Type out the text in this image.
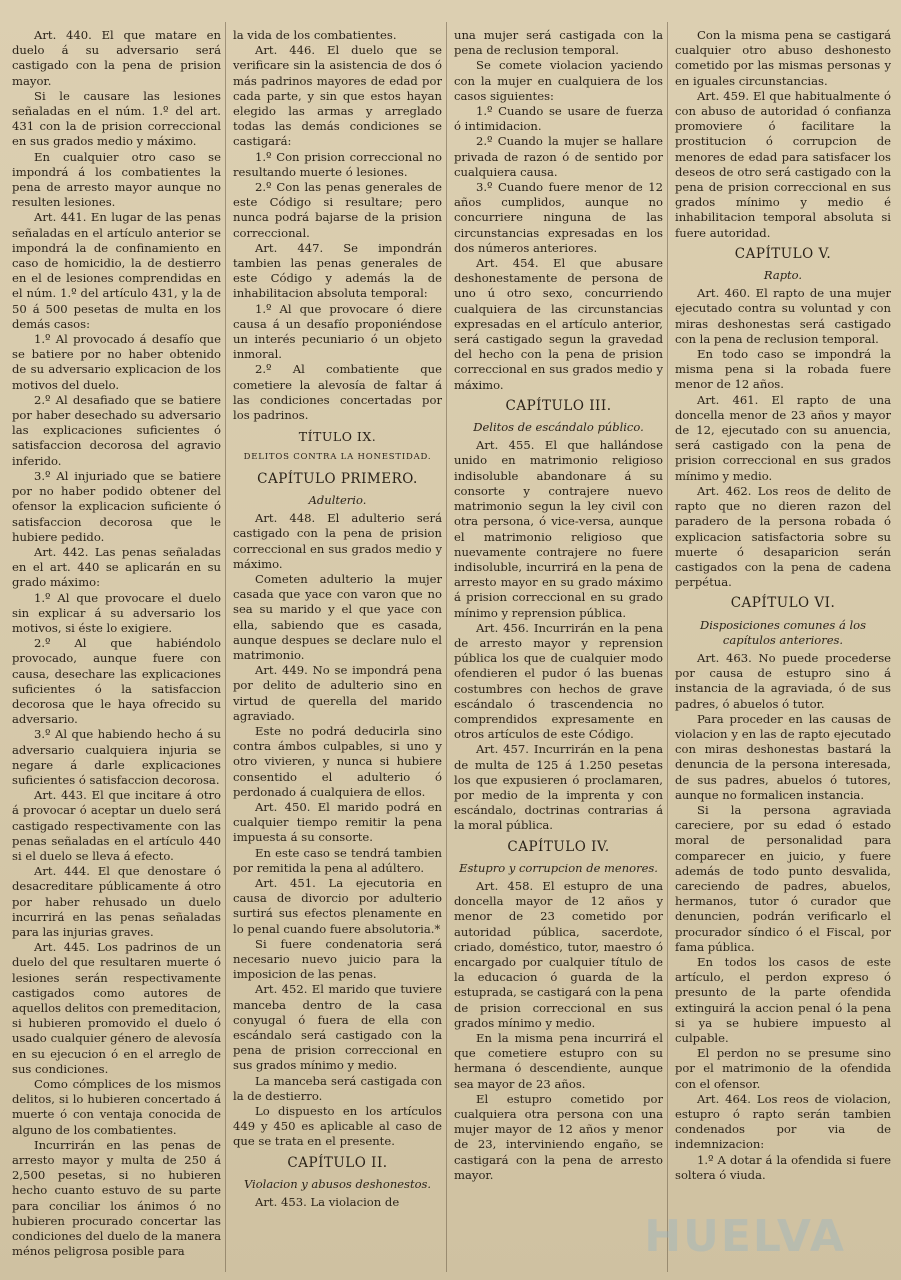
Art. 440. El que matare en duelo á su adversario será castigado con la pena de prision mayor.

Si le causare las lesiones señaladas en el núm. 1.º del art. 431 con la de prision correccional en sus grados medio y máximo.

En cualquier otro caso se impondrá á los combatientes la pena de arresto mayor aunque no resulten lesiones.

Art. 441. En lugar de las penas señaladas en el artículo anterior se impondrá la de confinamiento en caso de homicidio, la de destierro en el de lesiones comprendidas en el núm. 1.º del artículo 431, y la de 50 á 500 pesetas de multa en los demás casos:

1.º Al provocado á desafío que se batiere por no haber obtenido de su adversario explicacion de los motivos del duelo.

2.º Al desafiado que se batiere por haber desechado su adversario las explicaciones suficientes ó satisfaccion decorosa del agravio inferido.

3.º Al injuriado que se batiere por no haber podido obtener del ofensor la explicacion suficiente ó satisfaccion decorosa que le hubiere pedido.

Art. 442. Las penas señaladas en el art. 440 se aplicarán en su grado máximo:

1.º Al que provocare el duelo sin explicar á su adversario los motivos, si éste lo exigiere.

2.º Al que habiéndolo provocado, aunque fuere con causa, desechare las explicaciones suficientes ó la satisfaccion decorosa que le haya ofrecido su adversario.

3.º Al que habiendo hecho á su adversario cualquiera injuria se negare á darle explicaciones suficientes ó satisfaccion decorosa.

Art. 443. El que incitare á otro á provocar ó aceptar un duelo será castigado respectivamente con las penas señaladas en el artículo 440 si el duelo se lleva á efecto.

Art. 444. El que denostare ó desacreditare públicamente á otro por haber rehusado un duelo incurrirá en las penas señaladas para las injurias graves.

Art. 445. Los padrinos de un duelo del que resultaren muerte ó lesiones serán respectivamente castigados como autores de aquellos delitos con premeditacion, si hubieren promovido el duelo ó usado cualquier género de alevosía en su ejecucion ó en el arreglo de sus condiciones.

Como cómplices de los mismos delitos, si lo hubieren concertado á muerte ó con ventaja conocida de alguno de los combatientes.

Incurrirán en las penas de arresto mayor y multa de 250 á 2,500 pesetas, si no hubieren hecho cuanto estuvo de su parte para conciliar los ánimos ó no hubieren procurado concertar las condiciones del duelo de la manera ménos peligrosa posible para

la vida de los combatientes.

Art. 446. El duelo que se verificare sin la asistencia de dos ó más padrinos mayores de edad por cada parte, y sin que estos hayan elegido las armas y arreglado todas las demás condiciones se castigará:

1.º Con prision correccional no resultando muerte ó lesiones.

2.º Con las penas generales de este Código si resultare; pero nunca podrá bajarse de la prision correccional.

Art. 447. Se impondrán tambien las penas generales de este Código y además la de inhabilitacion absoluta temporal:

1.º Al que provocare ó diere causa á un desafío proponiéndose un interés pecuniario ó un objeto inmoral.

2.º Al combatiente que cometiere la alevosía de faltar á las condiciones concertadas por los padrinos.

TÍTULO IX.

DELITOS CONTRA LA HONESTIDAD.

CAPÍTULO PRIMERO.

Adulterio.

Art. 448. El adulterio será castigado con la pena de prision correccional en sus grados medio y máximo.

Cometen adulterio la mujer casada que yace con varon que no sea su marido y el que yace con ella, sabiendo que es casada, aunque despues se declare nulo el matrimonio.

Art. 449. No se impondrá pena por delito de adulterio sino en virtud de querella del marido agraviado.

Este no podrá deducirla sino contra ámbos culpables, si uno y otro vivieren, y nunca si hubiere consentido el adulterio ó perdonado á cualquiera de ellos.

Art. 450. El marido podrá en cualquier tiempo remitir la pena impuesta á su consorte.

En este caso se tendrá tambien por remitida la pena al adúltero.

Art. 451. La ejecutoria en causa de divorcio por adulterio surtirá sus efectos plenamente en lo penal cuando fuere absolutoria.*

Si fuere condenatoria será necesario nuevo juicio para la imposicion de las penas.

Art. 452. El marido que tuviere manceba dentro de la casa conyugal ó fuera de ella con escándalo será castigado con la pena de prision correccional en sus grados mínimo y medio.

La manceba será castigada con la de destierro.

Lo dispuesto en los artículos 449 y 450 es aplicable al caso de que se trata en el presente.

CAPÍTULO II.

Violacion y abusos deshonestos.

Art. 453. La violacion de

una mujer será castigada con la pena de reclusion temporal.

Se comete violacion yaciendo con la mujer en cualquiera de los casos siguientes:

1.º Cuando se usare de fuerza ó intimidacion.

2.º Cuando la mujer se hallare privada de razon ó de sentido por cualquiera causa.

3.º Cuando fuere menor de 12 años cumplidos, aunque no concurriere ninguna de las circunstancias expresadas en los dos números anteriores.

Art. 454. El que abusare deshonestamente de persona de uno ú otro sexo, concurriendo cualquiera de las circunstancias expresadas en el artículo anterior, será castigado segun la gravedad del hecho con la pena de prision correccional en sus grados medio y máximo.

CAPÍTULO III.

Delitos de escándalo público.

Art. 455. El que hallándose unido en matrimonio religioso indisoluble abandonare á su consorte y contrajere nuevo matrimonio segun la ley civil con otra persona, ó vice-versa, aunque el matrimonio religioso que nuevamente contrajere no fuere indisoluble, incurrirá en la pena de arresto mayor en su grado máximo á prision correccional en su grado mínimo y reprension pública.

Art. 456. Incurrirán en la pena de arresto mayor y reprension pública los que de cualquier modo ofendieren el pudor ó las buenas costumbres con hechos de grave escándalo ó trascendencia no comprendidos expresamente en otros artículos de este Código.

Art. 457. Incurrirán en la pena de multa de 125 á 1.250 pesetas los que expusieren ó proclamaren, por medio de la imprenta y con escándalo, doctrinas contrarias á la moral pública.

CAPÍTULO IV.

Estupro y corrupcion de menores.

Art. 458. El estupro de una doncella mayor de 12 años y menor de 23 cometido por autoridad pública, sacerdote, criado, doméstico, tutor, maestro ó encargado por cualquier título de la educacion ó guarda de la estuprada, se castigará con la pena de prision correccional en sus grados mínimo y medio.

En la misma pena incurrirá el que cometiere estupro con su hermana ó descendiente, aunque sea mayor de 23 años.

El estupro cometido por cualquiera otra persona con una mujer mayor de 12 años y menor de 23, interviniendo engaño, se castigará con la pena de arresto mayor.

Con la misma pena se castigará cualquier otro abuso deshonesto cometido por las mismas personas y en iguales circunstancias.

Art. 459. El que habitualmente ó con abuso de autoridad ó confianza promoviere ó facilitare la prostitucion ó corrupcion de menores de edad para satisfacer los deseos de otro será castigado con la pena de prision correccional en sus grados mínimo y medio é inhabilitacion temporal absoluta si fuere autoridad.

CAPÍTULO V.

Rapto.

Art. 460. El rapto de una mujer ejecutado contra su voluntad y con miras deshonestas será castigado con la pena de reclusion temporal.

En todo caso se impondrá la misma pena si la robada fuere menor de 12 años.

Art. 461. El rapto de una doncella menor de 23 años y mayor de 12, ejecutado con su anuencia, será castigado con la pena de prision correccional en sus grados mínimo y medio.

Art. 462. Los reos de delito de rapto que no dieren razon del paradero de la persona robada ó explicacion satisfactoria sobre su muerte ó desaparicion serán castigados con la pena de cadena perpétua.

CAPÍTULO VI.

Disposiciones comunes á los capítulos anteriores.

Art. 463. No puede procederse por causa de estupro sino á instancia de la agraviada, ó de sus padres, ó abuelos ó tutor.

Para proceder en las causas de violacion y en las de rapto ejecutado con miras deshonestas bastará la denuncia de la persona interesada, de sus padres, abuelos ó tutores, aunque no formalicen instancia.

Si la persona agraviada careciere, por su edad ó estado moral de personalidad para comparecer en juicio, y fuere además de todo punto desvalida, careciendo de padres, abuelos, hermanos, tutor ó curador que denuncien, podrán verificarlo el procurador síndico ó el Fiscal, por fama pública.

En todos los casos de este artículo, el perdon expreso ó presunto de la parte ofendida extinguirá la accion penal ó la pena si ya se hubiere impuesto al culpable.

El perdon no se presume sino por el matrimonio de la ofendida con el ofensor.

Art. 464. Los reos de violacion, estupro ó rapto serán tambien condenados por via de indemnizacion:

1.º A dotar á la ofendida si fuere soltera ó viuda.

HUELVA
